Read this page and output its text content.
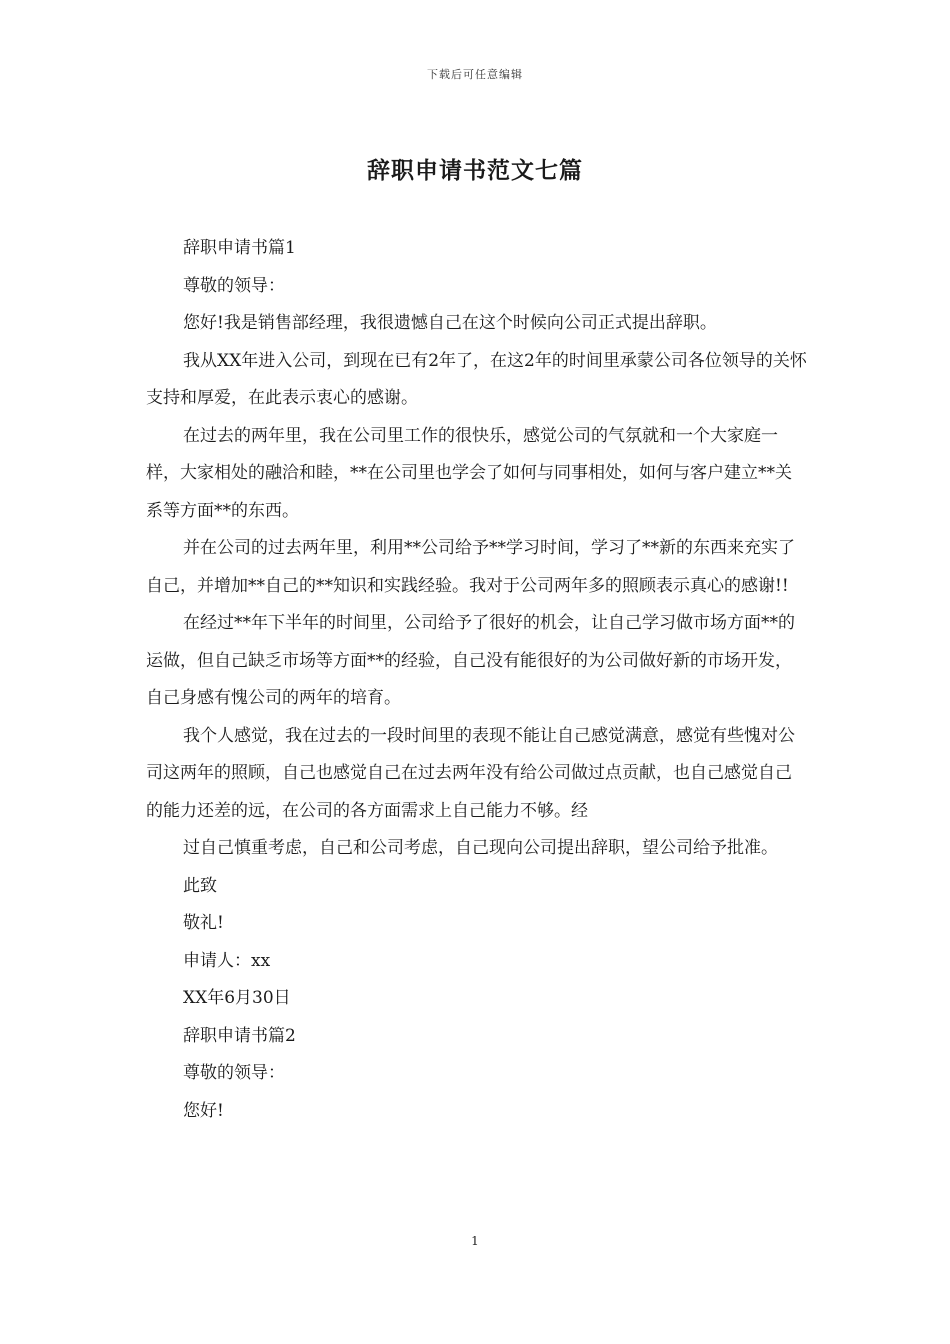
下载后可任意编辑
辞职申请书范文七篇

辞职申请书篇1

尊敬的领导：

您好!我是销售部经理，我很遗憾自己在这个时候向公司正式提出辞职。

我从XX年进入公司，到现在已有2年了，在这2年的时间里承蒙公司各位领导的关怀支持和厚爱，在此表示衷心的感谢。

在过去的两年里，我在公司里工作的很快乐，感觉公司的气氛就和一个大家庭一样，大家相处的融洽和睦，**在公司里也学会了如何与同事相处，如何与客户建立**关系等方面**的东西。

并在公司的过去两年里，利用**公司给予**学习时间，学习了**新的东西来充实了自己，并增加**自己的**知识和实践经验。我对于公司两年多的照顾表示真心的感谢!!

在经过**年下半年的时间里，公司给予了很好的机会，让自己学习做市场方面**的运做，但自己缺乏市场等方面**的经验，自己没有能很好的为公司做好新的市场开发，自己身感有愧公司的两年的培育。

我个人感觉，我在过去的一段时间里的表现不能让自己感觉满意，感觉有些愧对公司这两年的照顾，自己也感觉自己在过去两年没有给公司做过点贡献，也自己感觉自己的能力还差的远，在公司的各方面需求上自己能力不够。经

过自己慎重考虑，自己和公司考虑，自己现向公司提出辞职，望公司给予批准。

此致

敬礼!

申请人：xx

XX年6月30日

辞职申请书篇2

尊敬的领导：

您好!

1
